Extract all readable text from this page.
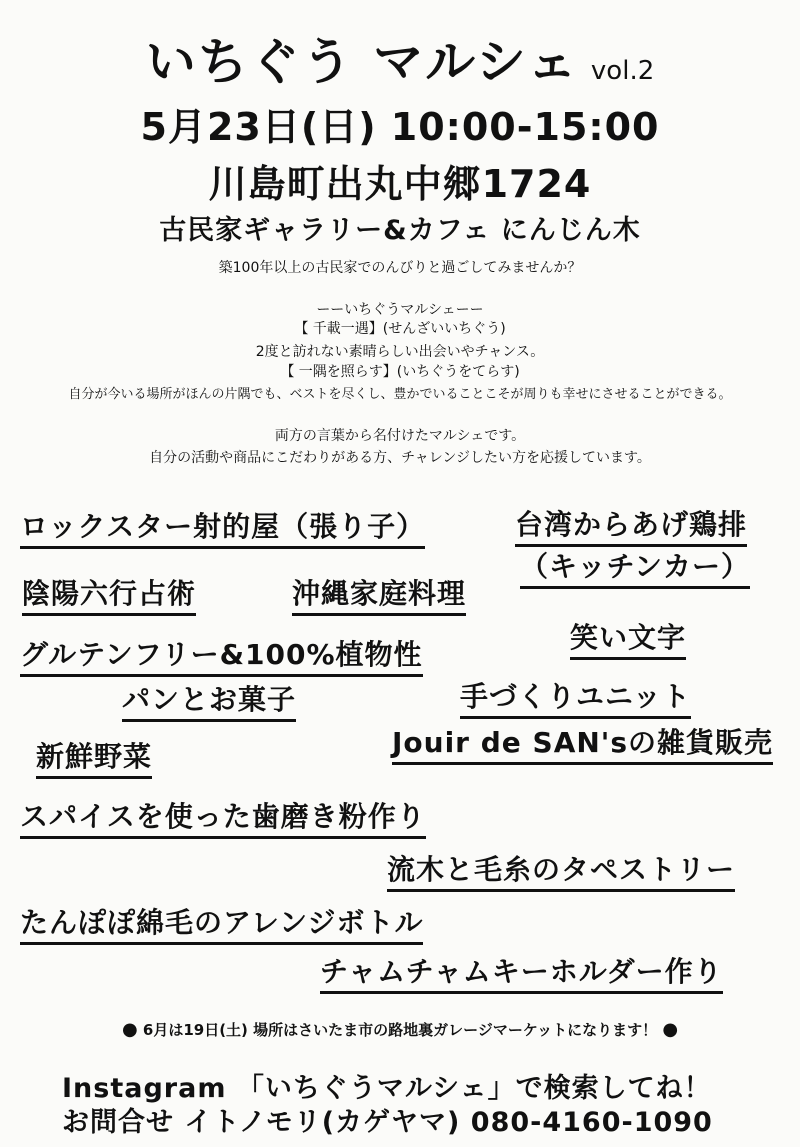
いちぐう マルシェ vol.2
5月23日(日) 10:00-15:00
川島町出丸中郷1724
古民家ギャラリー&カフェ にんじん木
築100年以上の古民家でのんびりと過ごしてみませんか？
ーーいちぐうマルシェーー
【 千載一遇】(せんざいいちぐう)
2度と訪れない素晴らしい出会いやチャンス。
【 一隅を照らす】(いちぐうをてらす)
自分が今いる場所がほんの片隅でも、ベストを尽くし、豊かでいることこそが周りも幸せにさせることができる。
両方の言葉から名付けたマルシェです。
自分の活動や商品にこだわりがある方、チャレンジしたい方を応援しています。
ロックスター射的屋（張り子）	台湾からあげ鶏排
（キッチンカー）
陰陽六行占術	沖縄家庭料理
笑い文字
グルテンフリー&100%植物性
パンとお菓子	手づくりユニット
Jouir de SAN'sの雑貨販売
新鮮野菜
スパイスを使った歯磨き粉作り
流木と毛糸のタペストリー
たんぽぽ綿毛のアレンジボトル
チャムチャムキーホルダー作り
● 6月は19日(土) 場所はさいたま市の路地裏ガレージマーケットになります！ ●
Instagram 「いちぐうマルシェ」で検索してね！
お問合せ イトノモリ(カゲヤマ) 080-4160-1090
